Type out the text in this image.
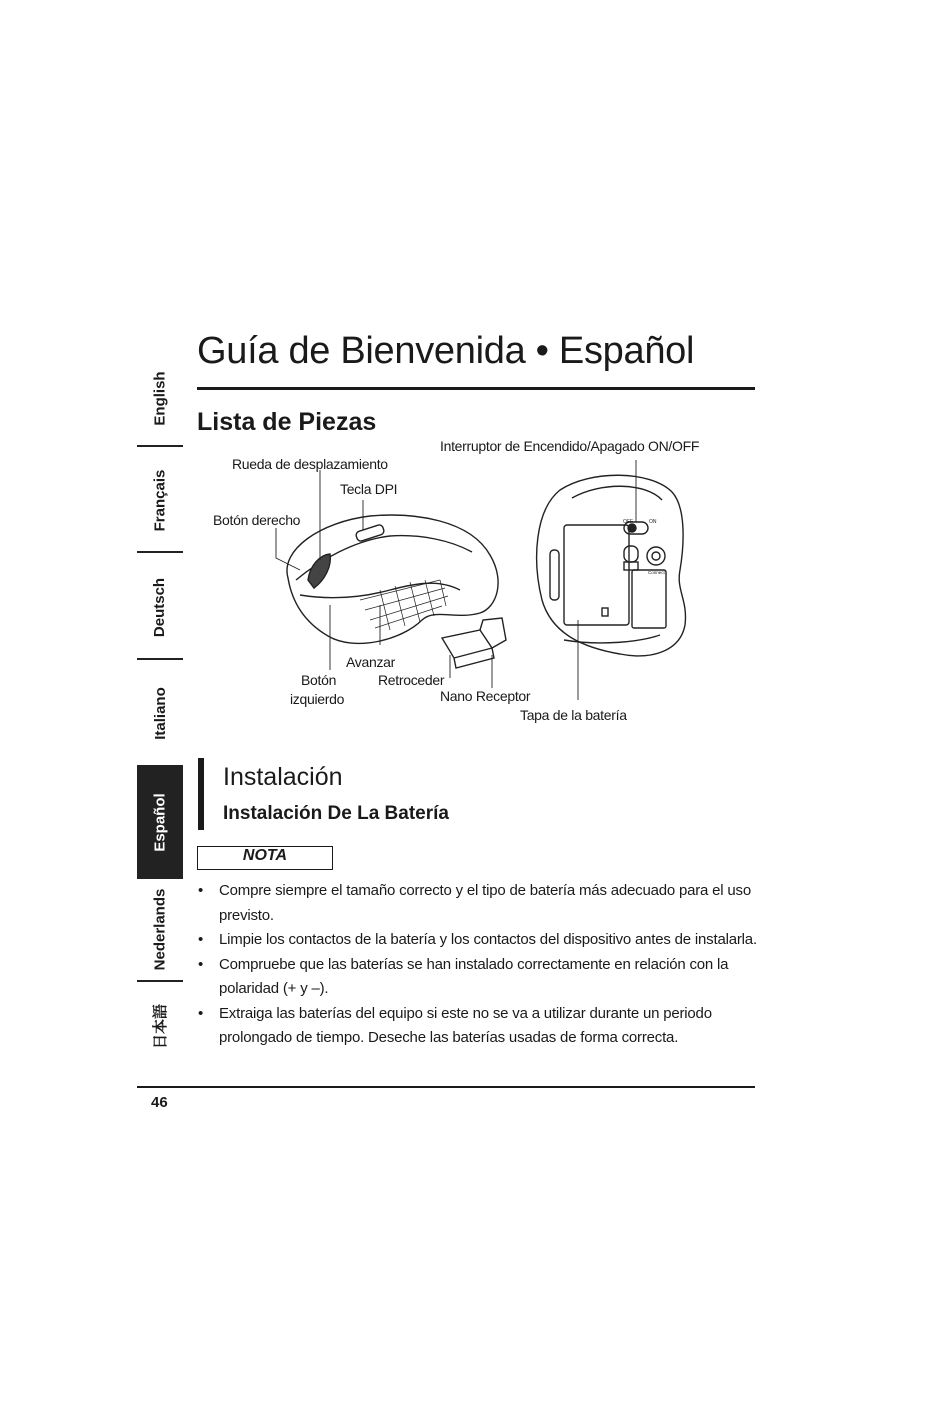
English
Français
Deutsch
Italiano
Español
Nederlands
日本語
Guía de Bienvenida • Español
Lista de Piezas
OFF	ON
Connect
Interruptor de Encendido/Apagado ON/OFF
Rueda de desplazamiento
Tecla DPI
Botón derecho
Avanzar
Botón
izquierdo
Retroceder
Nano Receptor
Tapa de la batería
Instalación
Instalación De La Batería
NOTA
• Compre siempre el tamaño correcto y el tipo de batería más adecuado para el uso previsto.
• Limpie los contactos de la batería y los contactos del dispositivo antes de instalarla.
• Compruebe que las baterías se han instalado correctamente en relación con la polaridad (+ y –).
• Extraiga las baterías del equipo si este no se va a utilizar durante un periodo prolongado de tiempo. Deseche las baterías usadas de forma correcta.
46
